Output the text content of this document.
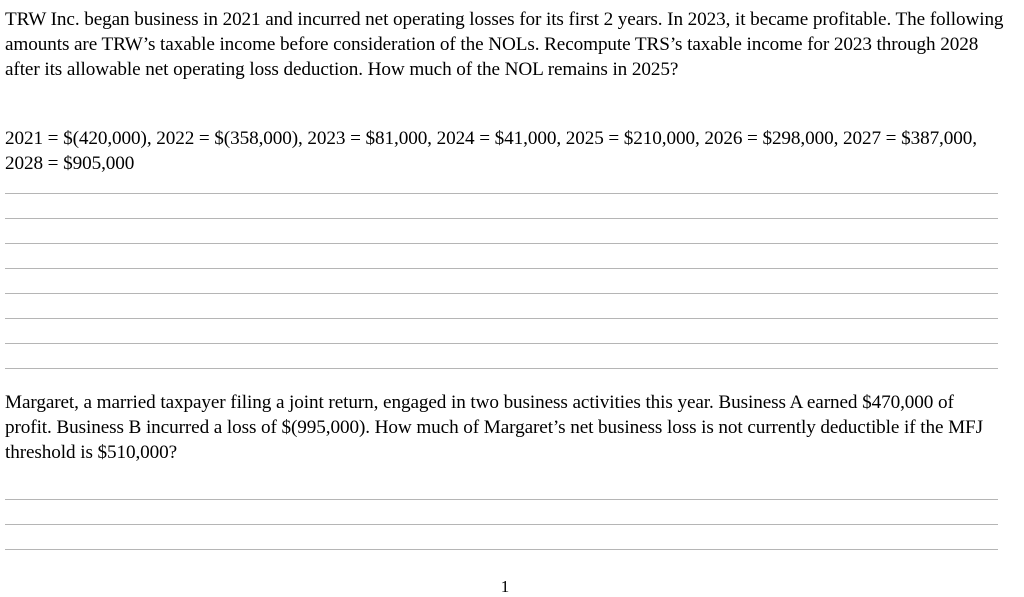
TRW Inc. began business in 2021 and incurred net operating losses for its first 2 years. In 2023, it became profitable. The following amounts are TRW’s taxable income before consideration of the NOLs. Recompute TRS’s taxable income for 2023 through 2028 after its allowable net operating loss deduction. How much of the NOL remains in 2025?

2021 = $(420,000), 2022 = $(358,000), 2023 = $81,000, 2024 = $41,000, 2025 = $210,000, 2026 = $298,000, 2027 = $387,000, 2028 = $905,000

Margaret, a married taxpayer filing a joint return, engaged in two business activities this year. Business A earned $470,000 of profit. Business B incurred a loss of $(995,000). How much of Margaret’s net business loss is not currently deductible if the MFJ threshold is $510,000?

1
